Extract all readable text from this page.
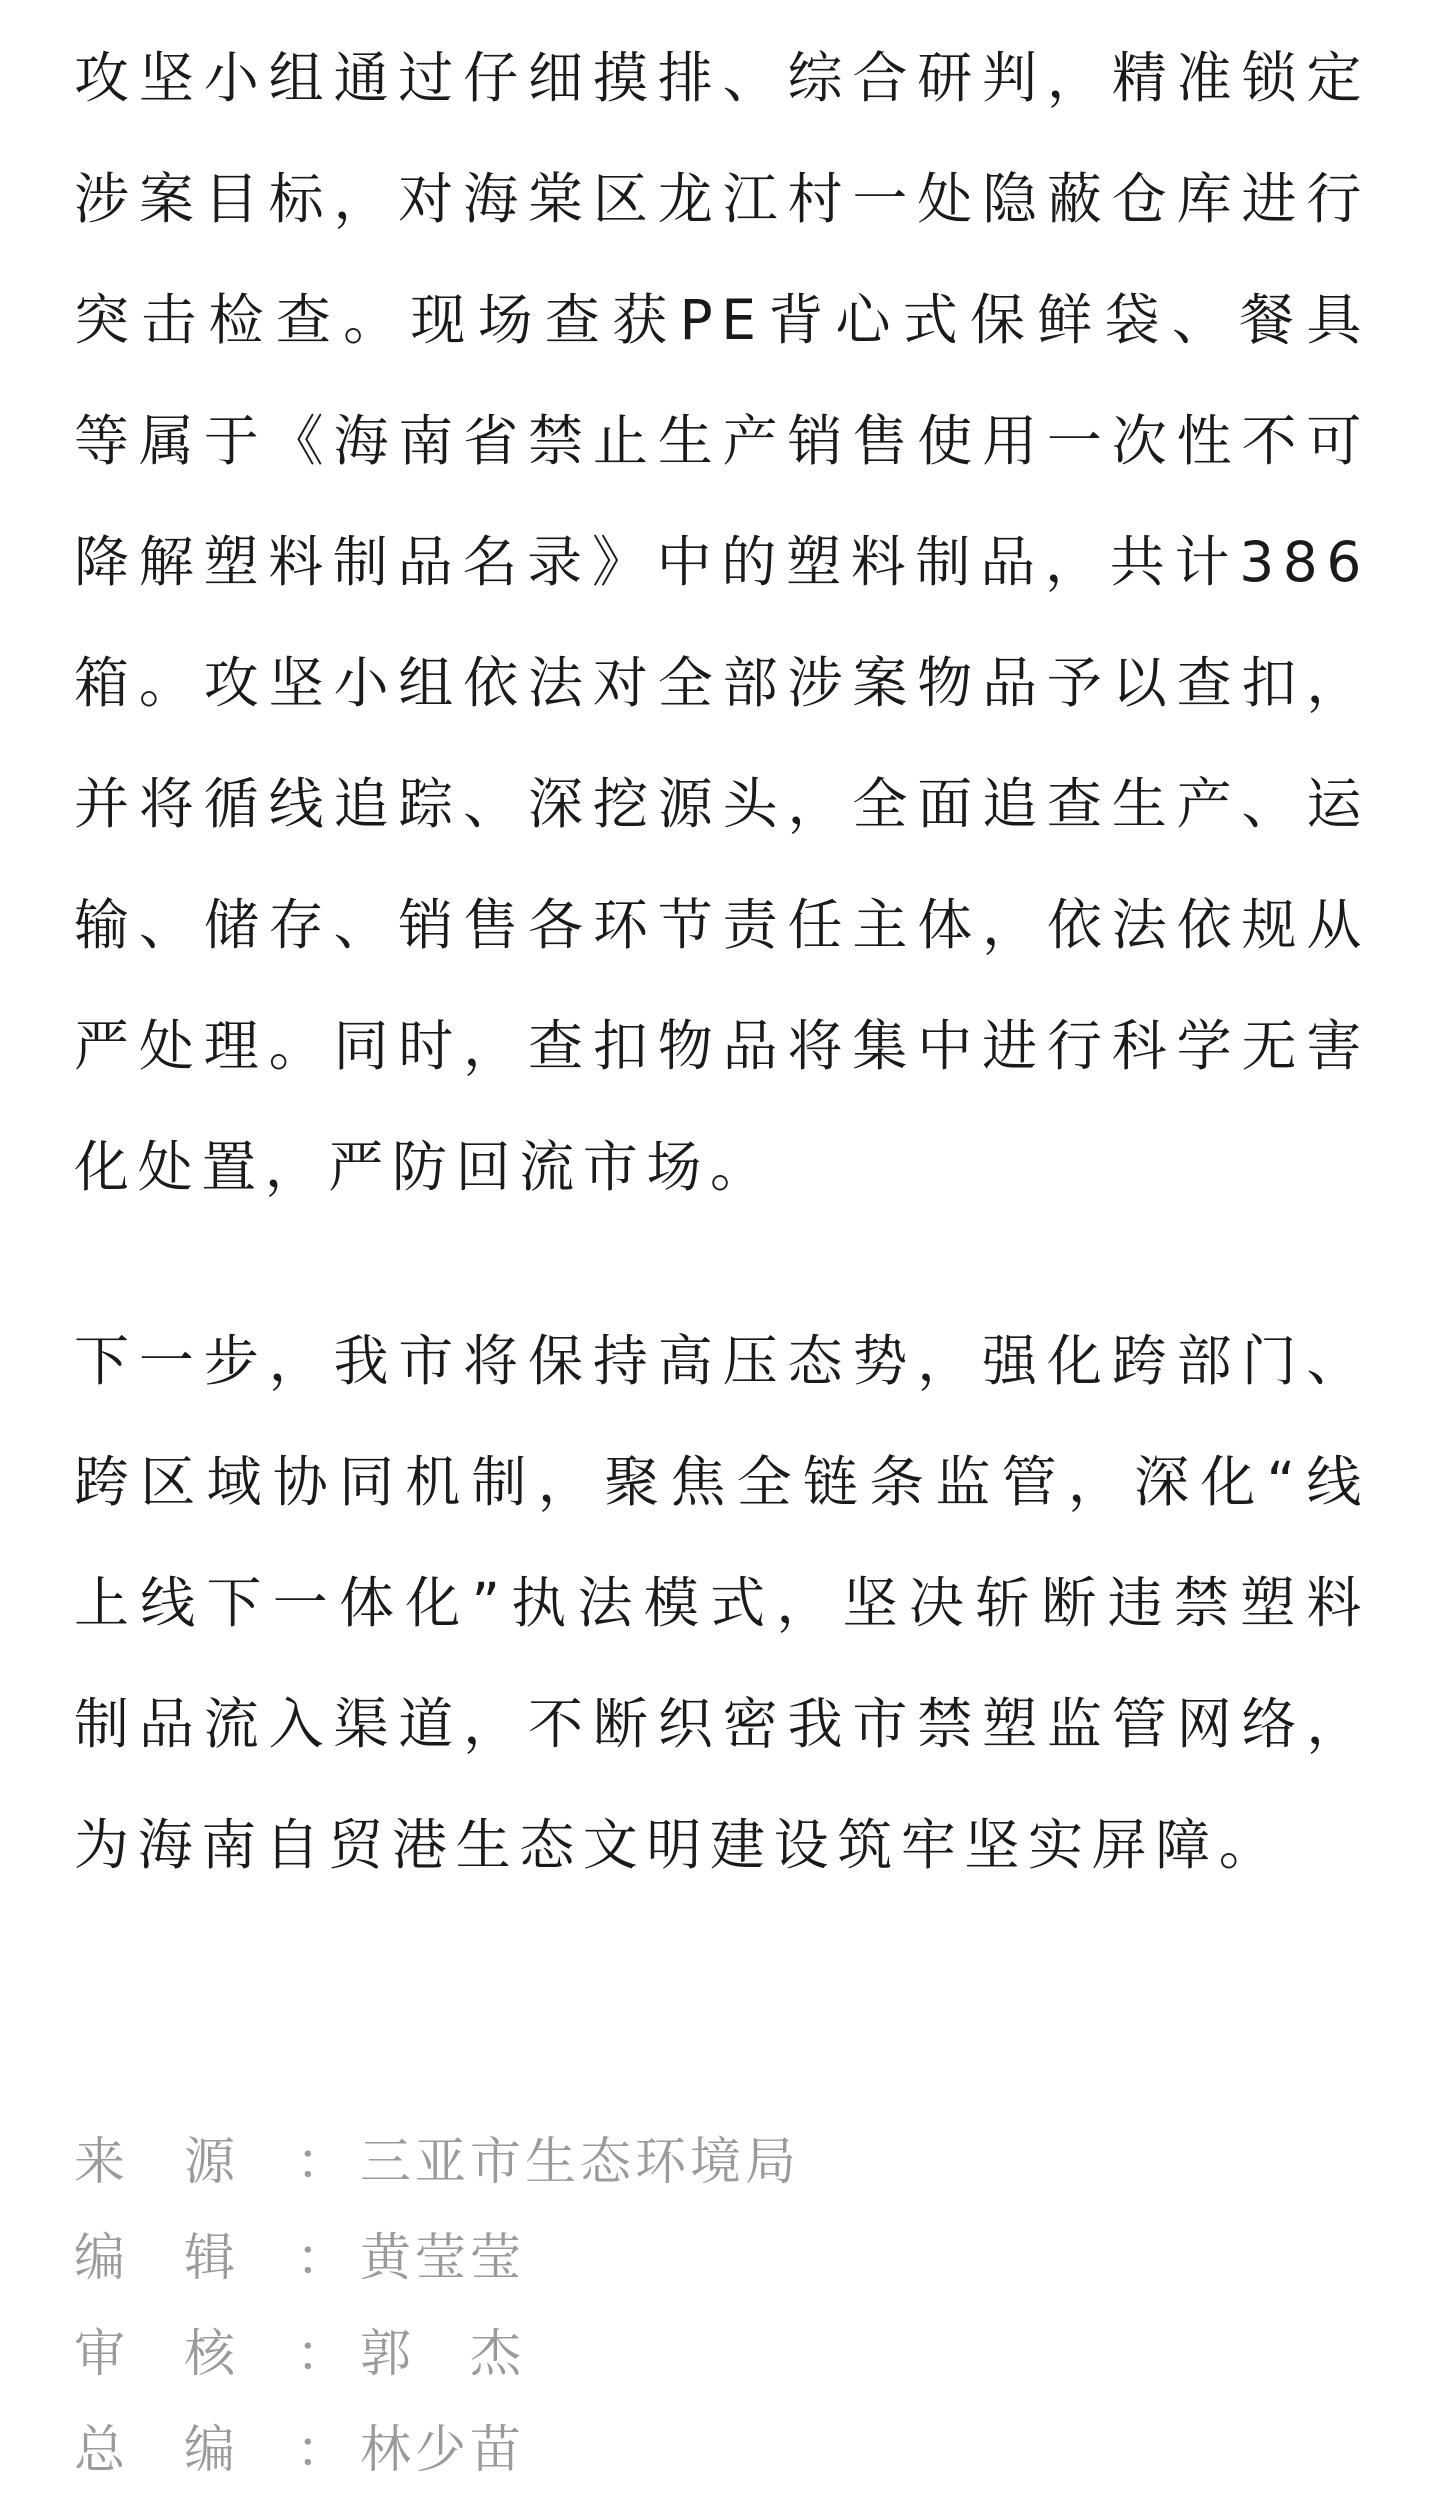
攻坚小组通过仔细摸排、综合研判，精准锁定
涉案目标，对海棠区龙江村一处隐蔽仓库进行
突击检查。现场查获PE背心式保鲜袋、餐具
等属于《海南省禁止生产销售使用一次性不可
降解塑料制品名录》中的塑料制品，共计386
箱。攻坚小组依法对全部涉案物品予以查扣，
并将循线追踪、深挖源头，全面追查生产、运
输、储存、销售各环节责任主体，依法依规从
严处理。同时，查扣物品将集中进行科学无害
化处置，严防回流市场。
下一步，我市将保持高压态势，强化跨部门、
跨区域协同机制，聚焦全链条监管，深化“线
上线下一体化”执法模式，坚决斩断违禁塑料
制品流入渠道，不断织密我市禁塑监管网络，
为海南自贸港生态文明建设筑牢坚实屏障。
来　源	： 三亚市生态环境局
编　辑	： 黄莹莹
审　核	： 郭　杰
总　编	： 林少苗
